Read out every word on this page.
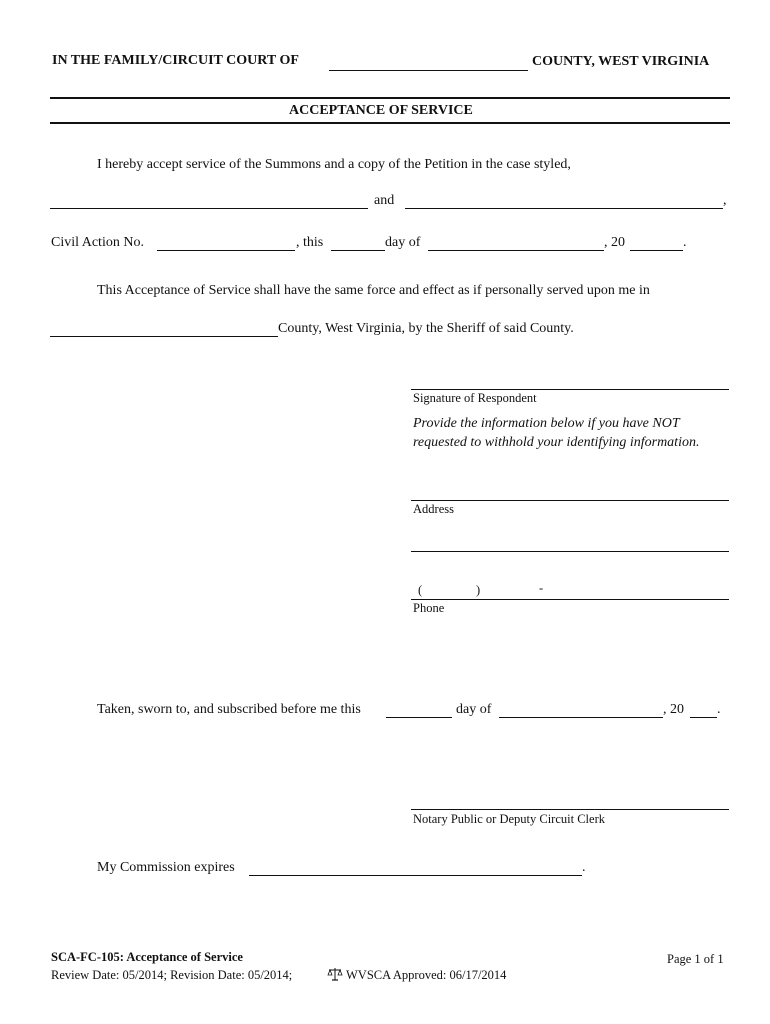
IN THE FAMILY/CIRCUIT COURT OF	COUNTY, WEST VIRGINIA
ACCEPTANCE OF SERVICE
I hereby accept service of the Summons and a copy of the Petition in the case styled,
and	,
Civil Action No.	, this	day of	, 20	.
This Acceptance of Service shall have the same force and effect as if personally served upon me in
County, West Virginia, by the Sheriff of said County.
Signature of Respondent
Provide the information below if you have NOT
requested to withhold your identifying information.
Address
(	)	-
Phone
Taken, sworn to, and subscribed before me this	day of	, 20 .
Notary Public or Deputy Circuit Clerk
My Commission expires	.
SCA-FC-105: Acceptance of Service
Review Date: 05/2014; Revision Date: 05/2014;	WVSCA Approved: 06/17/2014
Page 1 of 1
